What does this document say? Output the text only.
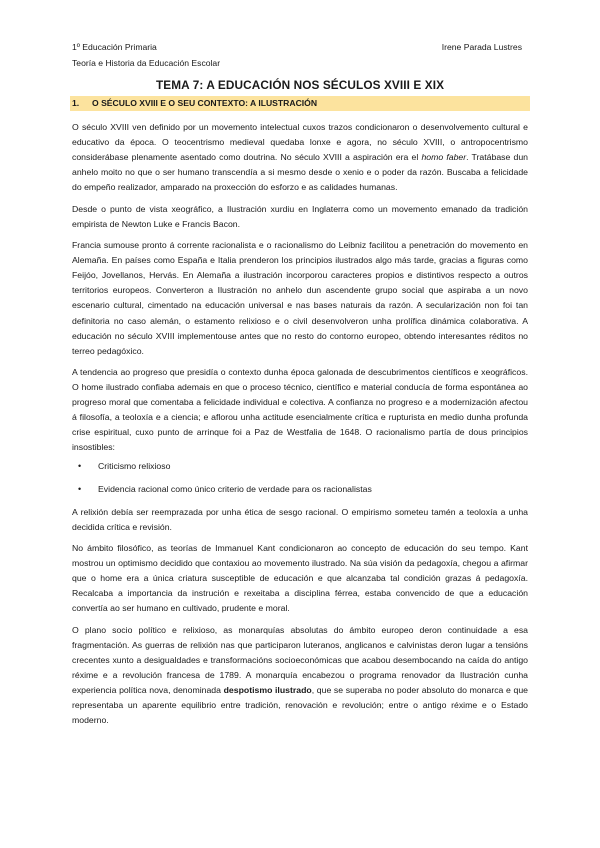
1º Educación Primaria	Irene Parada Lustres
Teoría e Historia da Educación Escolar
TEMA 7: A EDUCACIÓN NOS SÉCULOS XVIII E XIX
1. O SÉCULO XVIII E O SEU CONTEXTO: A ILUSTRACIÓN

O século XVIII ven definido por un movemento intelectual cuxos trazos condicionaron o desenvolvemento cultural e educativo da época. O teocentrismo medieval quedaba lonxe e agora, no século XVIII, o antropocentrismo considerábase plenamente asentado como doutrina. No século XVIII a aspiración era el homo faber. Tratábase dun anhelo moito no que o ser humano transcendía a si mesmo desde o xenio e o poder da razón. Buscaba a felicidade do empeño realizador, amparado na proxección do esforzo e as calidades humanas.

Desde o punto de vista xeográfico, a Ilustración xurdiu en Inglaterra como un movemento emanado da tradición empirista de Newton Luke e Francis Bacon.

Francia sumouse pronto á corrente racionalista e o racionalismo do Leibniz facilitou a penetración do movemento en Alemaña. En países como España e Italia prenderon los principios ilustrados algo más tarde, gracias a figuras como Feijóo, Jovellanos, Hervás. En Alemaña a ilustración incorporou caracteres propios e distintivos respecto a outros territorios europeos. Converteron a Ilustración no anhelo dun ascendente grupo social que aspiraba a un novo escenario cultural, cimentado na educación universal e nas bases naturais da razón. A secularización non foi tan definitoria no caso alemán, o estamento relixioso e o civil desenvolveron unha prolífica dinámica colaborativa. A educación no século XVIII implementouse antes que no resto do contorno europeo, obtendo interesantes réditos no terreo pedagóxico.

A tendencia ao progreso que presidía o contexto dunha época galonada de descubrimentos científicos e xeográficos. O home ilustrado confiaba ademais en que o proceso técnico, científico e material conducía de forma espontánea ao progreso moral que comentaba a felicidade individual e colectiva. A confianza no progreso e a modernización afectou á filosofía, a teoloxía e a ciencia; e aflorou unha actitude esencialmente crítica e rupturista en medio dunha profunda crise espiritual, cuxo punto de arrinque foi a Paz de Westfalia de 1648. O racionalismo partía de dous principios insostibles:

• Criticismo relixioso
• Evidencia racional como único criterio de verdade para os racionalistas

A relixión debía ser reemprazada por unha ética de sesgo racional. O empirismo someteu tamén a teoloxía a unha decidida crítica e revisión.

No ámbito filosófico, as teorías de Immanuel Kant condicionaron ao concepto de educación do seu tempo. Kant mostrou un optimismo decidido que contaxiou ao movemento ilustrado. Na súa visión da pedagoxía, chegou a afirmar que o home era a única criatura susceptible de educación e que alcanzaba tal condición grazas á pedagoxía. Recalcaba a importancia da instrución e rexeitaba a disciplina férrea, estaba convencido de que a educación convertía ao ser humano en cultivado, prudente e moral.

O plano socio político e relixioso, as monarquías absolutas do ámbito europeo deron continuidade a esa fragmentación. As guerras de relixión nas que participaron luteranos, anglicanos e calvinistas deron lugar a tensións crecentes xunto a desigualdades e transformacións socioeconómicas que acabou desembocando na caída do antigo réxime e a revolución francesa de 1789. A monarquía encabezou o programa renovador da Ilustración cunha experiencia política nova, denominada despotismo ilustrado, que se superaba no poder absoluto do monarca e que representaba un aparente equilibrio entre tradición, renovación e revolución; entre o antigo réxime e o Estado moderno.
